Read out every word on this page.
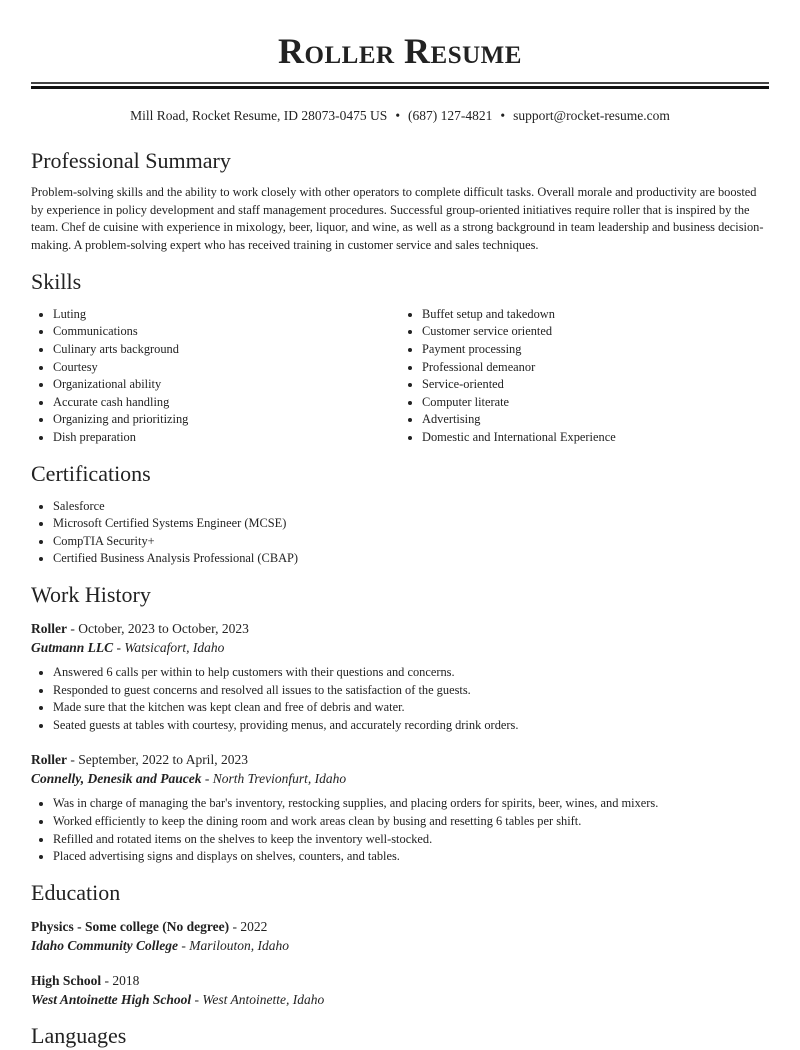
Roller Resume
Mill Road, Rocket Resume, ID 28073-0475 US • (687) 127-4821 • support@rocket-resume.com
Professional Summary

Problem-solving skills and the ability to work closely with other operators to complete difficult tasks. Overall morale and productivity are boosted by experience in policy development and staff management procedures. Successful group-oriented initiatives require roller that is inspired by the team. Chef de cuisine with experience in mixology, beer, liquor, and wine, as well as a strong background in team leadership and business decision-making. A problem-solving expert who has received training in customer service and sales techniques.

Skills
• Luting
• Communications
• Culinary arts background
• Courtesy
• Organizational ability
• Accurate cash handling
• Organizing and prioritizing
• Dish preparation
• Buffet setup and takedown
• Customer service oriented
• Payment processing
• Professional demeanor
• Service-oriented
• Computer literate
• Advertising
• Domestic and International Experience
Certifications
• Salesforce
• Microsoft Certified Systems Engineer (MCSE)
• CompTIA Security+
• Certified Business Analysis Professional (CBAP)
Work History
Roller - October, 2023 to October, 2023
Gutmann LLC - Watsicafort, Idaho
• Answered 6 calls per within to help customers with their questions and concerns.
• Responded to guest concerns and resolved all issues to the satisfaction of the guests.
• Made sure that the kitchen was kept clean and free of debris and water.
• Seated guests at tables with courtesy, providing menus, and accurately recording drink orders.
Roller - September, 2022 to April, 2023
Connelly, Denesik and Paucek - North Trevionfurt, Idaho
• Was in charge of managing the bar's inventory, restocking supplies, and placing orders for spirits, beer, wines, and mixers.
• Worked efficiently to keep the dining room and work areas clean by busing and resetting 6 tables per shift.
• Refilled and rotated items on the shelves to keep the inventory well-stocked.
• Placed advertising signs and displays on shelves, counters, and tables.
Education
Physics - Some college (No degree) - 2022
Idaho Community College - Marilouton, Idaho
High School - 2018
West Antoinette High School - West Antoinette, Idaho
Languages
